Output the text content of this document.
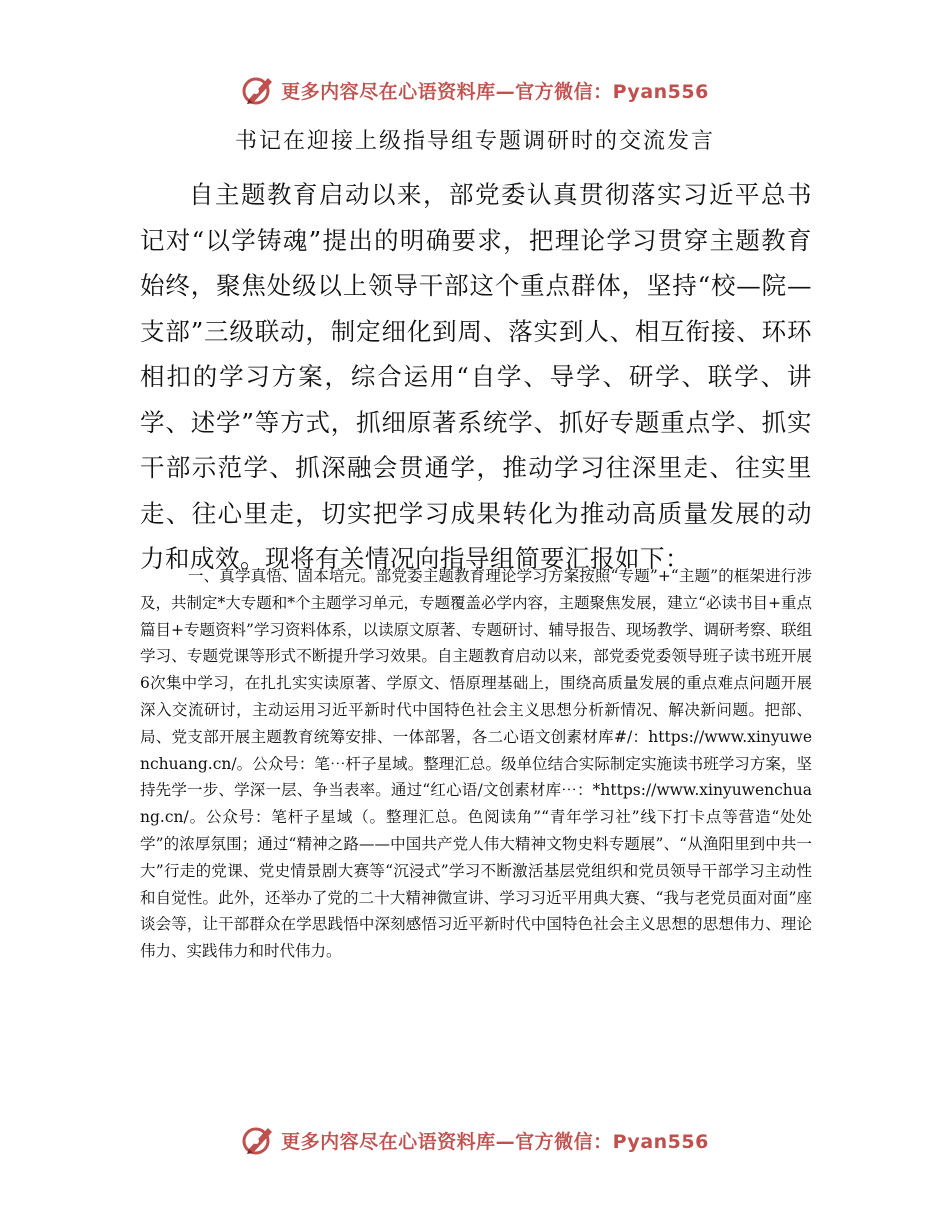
更多内容尽在心语资料库—官方微信：Pyan556
书记在迎接上级指导组专题调研时的交流发言

自主题教育启动以来，部党委认真贯彻落实习近平总书记对“以学铸魂”提出的明确要求，把理论学习贯穿主题教育始终，聚焦处级以上领导干部这个重点群体，坚持“校—院—支部”三级联动，制定细化到周、落实到人、相互衔接、环环相扣的学习方案，综合运用“自学、导学、研学、联学、讲学、述学”等方式，抓细原著系统学、抓好专题重点学、抓实干部示范学、抓深融会贯通学，推动学习往深里走、往实里走、往心里走，切实把学习成果转化为推动高质量发展的动力和成效。现将有关情况向指导组简要汇报如下：

一、真学真悟、固本培元。部党委主题教育理论学习方案按照“专题”+“主题”的框架进行涉及，共制定*大专题和*个主题学习单元，专题覆盖必学内容，主题聚焦发展，建立“必读书目+重点篇目+专题资料”学习资料体系，以读原文原著、专题研讨、辅导报告、现场教学、调研考察、联组学习、专题党课等形式不断提升学习效果。自主题教育启动以来，部党委党委领导班子读书班开展6次集中学习，在扎扎实实读原著、学原文、悟原理基础上，围绕高质量发展的重点难点问题开展深入交流研讨，主动运用习近平新时代中国特色社会主义思想分析新情况、解决新问题。把部、局、党支部开展主题教育统筹安排、一体部署，各二心语文创素材库#/：https://www.xinyuwenchuang.cn/。公众号：笔⋯杆子星域。整理汇总。级单位结合实际制定实施读书班学习方案，坚持先学一步、学深一层、争当表率。通过“红心语/文创素材库⋯：*https://www.xinyuwenchuang.cn/。公众号：笔杆子星域（。整理汇总。色阅读角”“青年学习社”线下打卡点等营造“处处学”的浓厚氛围；通过“精神之路——中国共产党人伟大精神文物史料专题展”、“从渔阳里到中共一大”行走的党课、党史情景剧大赛等“沉浸式”学习不断激活基层党组织和党员领导干部学习主动性和自觉性。此外，还举办了党的二十大精神微宣讲、学习习近平用典大赛、“我与老党员面对面”座谈会等，让干部群众在学思践悟中深刻感悟习近平新时代中国特色社会主义思想的思想伟力、理论伟力、实践伟力和时代伟力。

更多内容尽在心语资料库—官方微信：Pyan556
